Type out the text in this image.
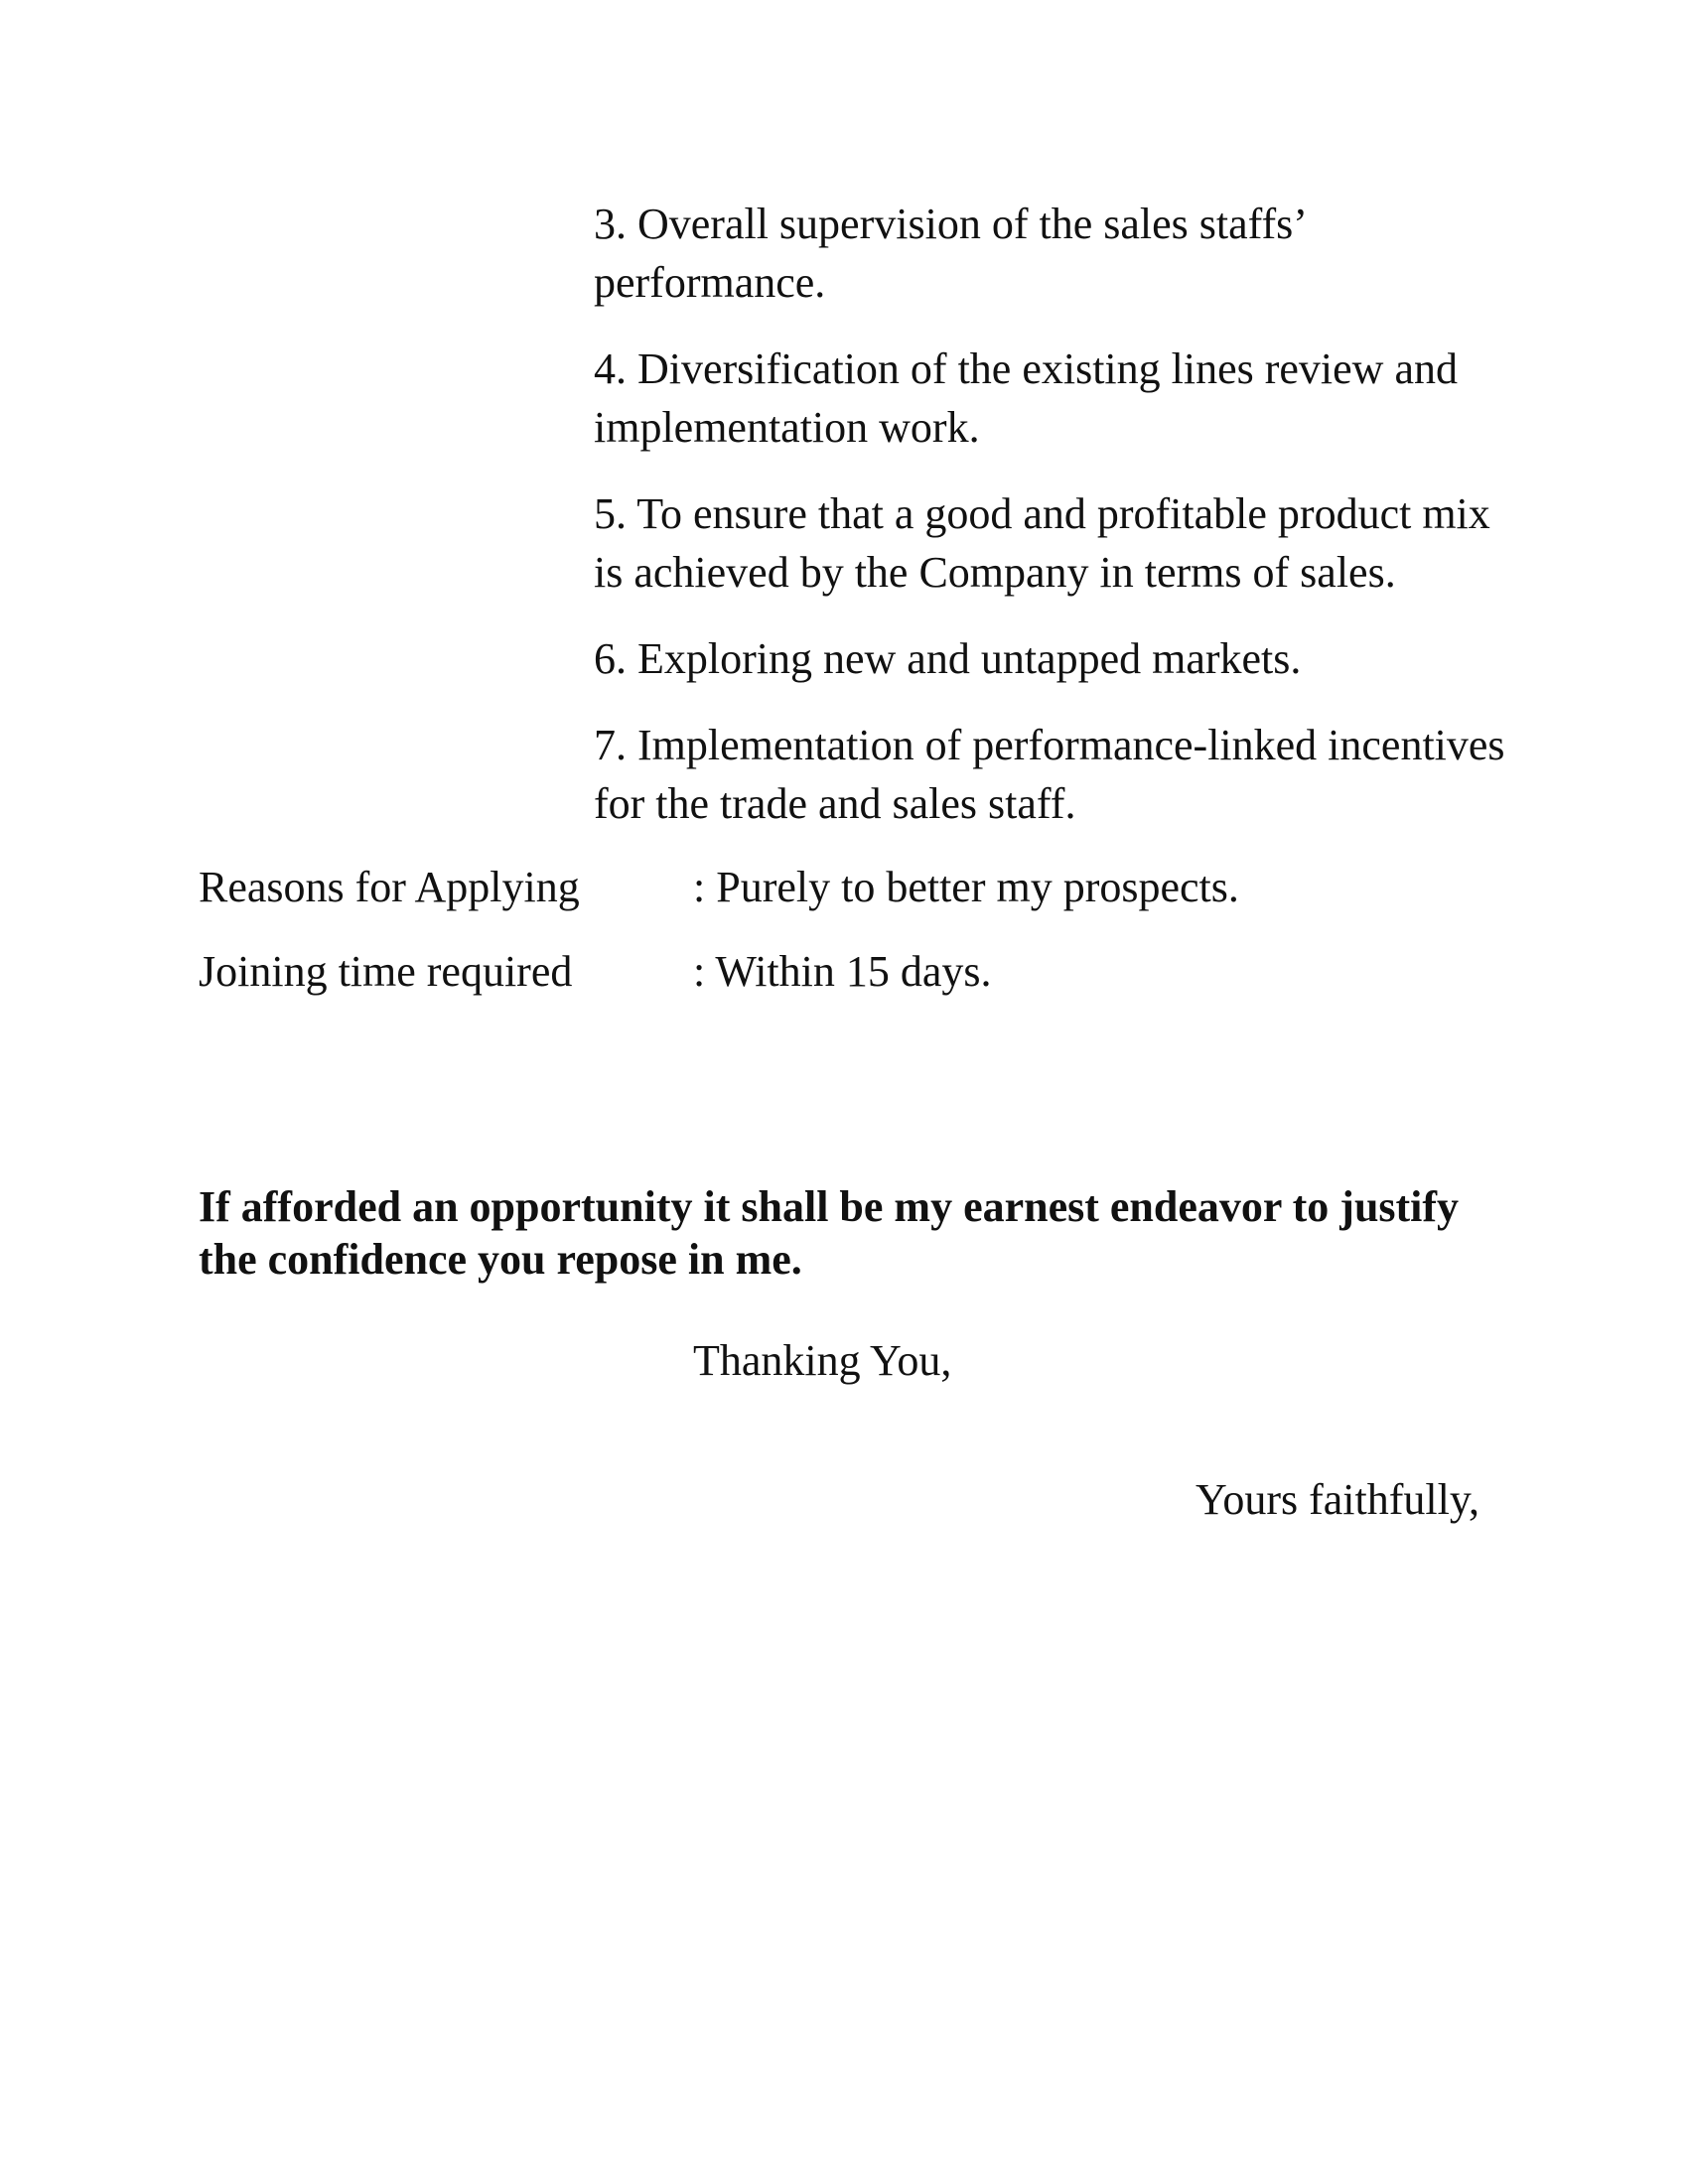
3. Overall supervision of the sales staffs’ performance.

4. Diversification of the existing lines review and implementation work.

5. To ensure that a good and profitable product mix is achieved by the Company in terms of sales.

6. Exploring new and untapped markets.

7. Implementation of performance-linked incentives for the trade and sales staff.

Reasons for Applying	: Purely to better my prospects.
Joining time required	: Within 15 days.
If afforded an opportunity it shall be my earnest endeavor to justify the confidence you repose in me.
Thanking You,
Yours faithfully,
